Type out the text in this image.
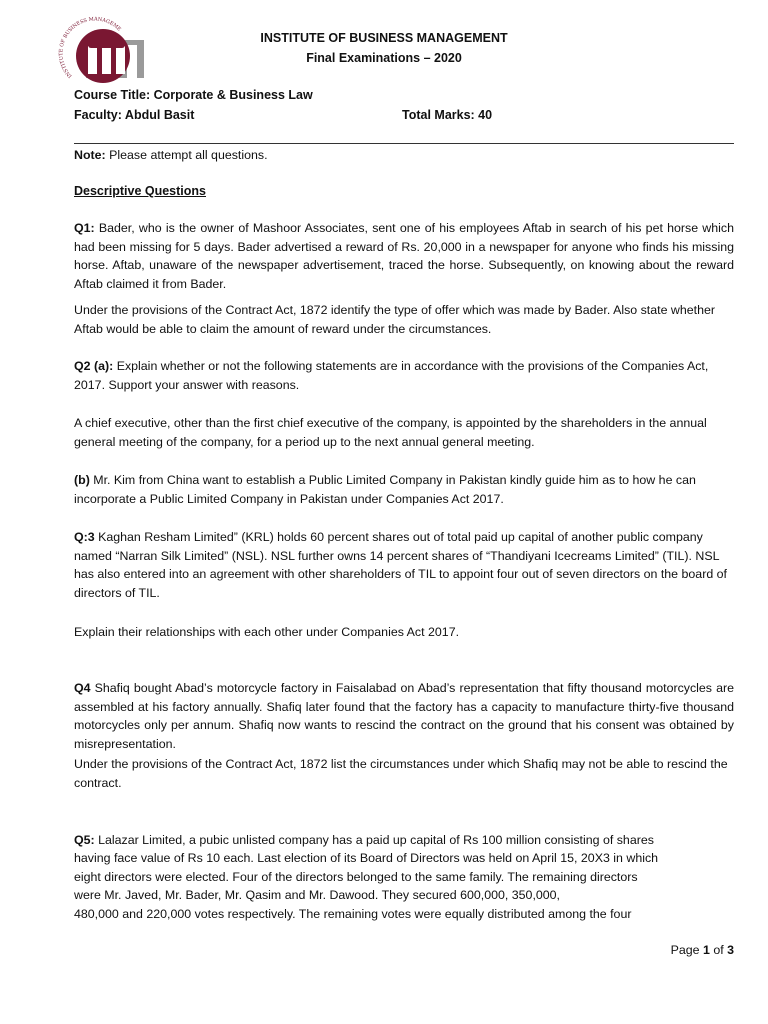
INSTITUTE OF BUSINESS MANAGEME
INSTITUTE OF BUSINESS MANAGEMENT
Final Examinations – 2020
Course Title: Corporate & Business Law
Faculty: Abdul Basit	Total Marks: 40
Note: Please attempt all questions.
Descriptive Questions
Q1: Bader, who is the owner of Mashoor Associates, sent one of his employees Aftab in search of his pet horse which had been missing for 5 days. Bader advertised a reward of Rs. 20,000 in a newspaper for anyone who finds his missing horse. Aftab, unaware of the newspaper advertisement, traced the horse. Subsequently, on knowing about the reward Aftab claimed it from Bader.
Under the provisions of the Contract Act, 1872 identify the type of offer which was made by Bader. Also state whether Aftab would be able to claim the amount of reward under the circumstances.
Q2 (a): Explain whether or not the following statements are in accordance with the provisions of the Companies Act, 2017. Support your answer with reasons.
A chief executive, other than the first chief executive of the company, is appointed by the shareholders in the annual general meeting of the company, for a period up to the next annual general meeting.
(b) Mr. Kim from China want to establish a Public Limited Company in Pakistan kindly guide him as to how he can incorporate a Public Limited Company in Pakistan under Companies Act 2017.
Q:3 Kaghan Resham Limited” (KRL) holds 60 percent shares out of total paid up capital of another public company named “Narran Silk Limited” (NSL). NSL further owns 14 percent shares of “Thandiyani Icecreams Limited” (TIL). NSL has also entered into an agreement with other shareholders of TIL to appoint four out of seven directors on the board of directors of TIL.
Explain their relationships with each other under Companies Act 2017.
Q4 Shafiq bought Abad’s motorcycle factory in Faisalabad on Abad’s representation that fifty thousand motorcycles are assembled at his factory annually. Shafiq later found that the factory has a capacity to manufacture thirty-five thousand motorcycles only per annum. Shafiq now wants to rescind the contract on the ground that his consent was obtained by misrepresentation.
Under the provisions of the Contract Act, 1872 list the circumstances under which Shafiq may not be able to rescind the contract.
Q5: Lalazar Limited, a pubic unlisted company has a paid up capital of Rs 100 million consisting of shares
having face value of Rs 10 each. Last election of its Board of Directors was held on April 15, 20X3 in which
eight directors were elected. Four of the directors belonged to the same family. The remaining directors
were Mr. Javed, Mr. Bader, Mr. Qasim and Mr. Dawood. They secured 600,000, 350,000,
480,000 and 220,000 votes respectively. The remaining votes were equally distributed among the four
Page 1 of 3
